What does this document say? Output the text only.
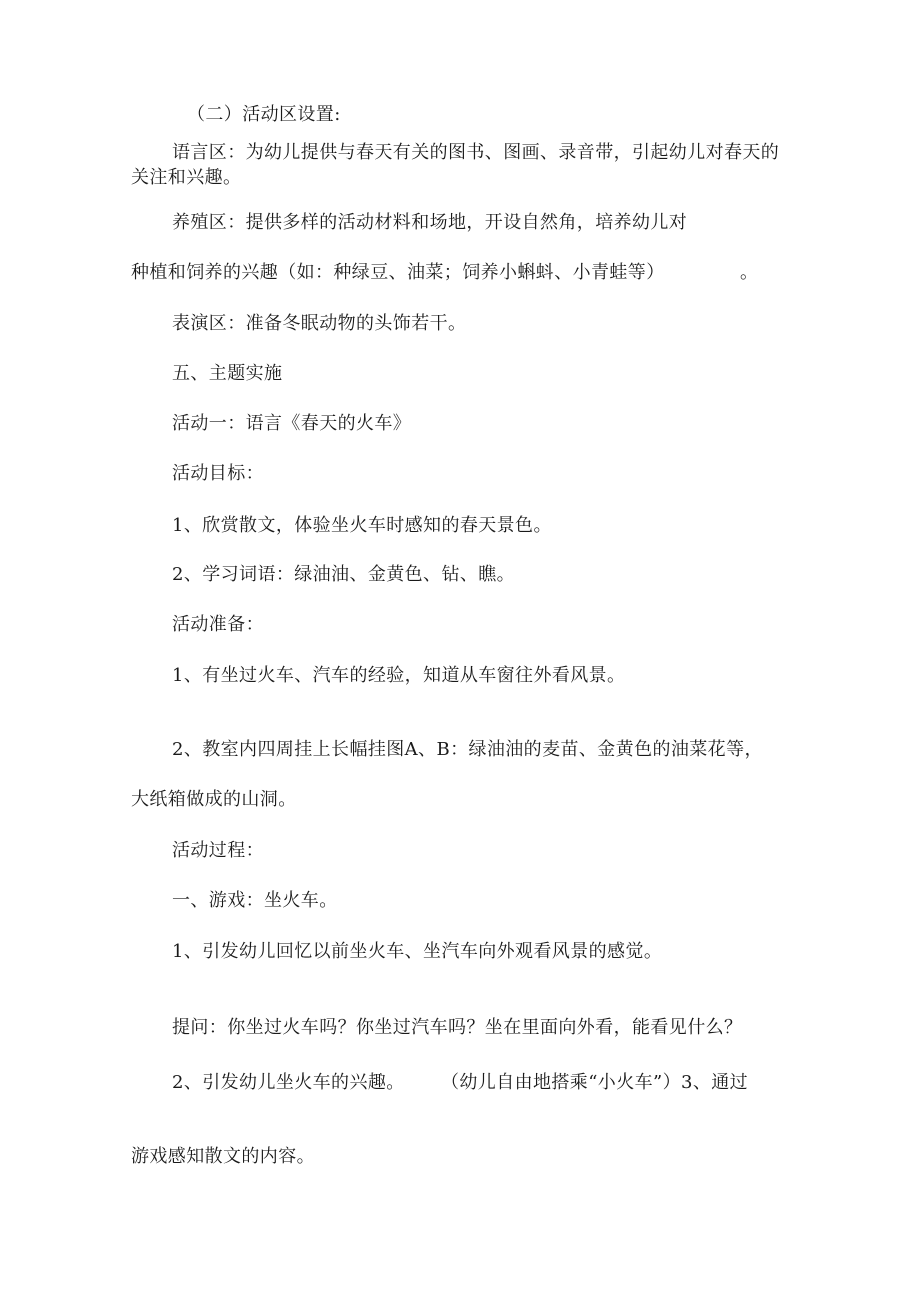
（二）活动区设置:
语言区：为幼儿提供与春天有关的图书、图画、录音带，引起幼儿对春天的
关注和兴趣。
养殖区：提供多样的活动材料和场地，开设自然角，培养幼儿对
种植和饲养的兴趣（如：种绿豆、油菜；饲养小蝌蚪、小青蛙等）	。
表演区：准备冬眠动物的头饰若干。
五、主题实施
活动一：语言《春天的火车》
活动目标：
1、欣赏散文，体验坐火车时感知的春天景色。
2、学习词语：绿油油、金黄色、钻、瞧。
活动准备：
1、有坐过火车、汽车的经验，知道从车窗往外看风景。
2、教室内四周挂上长幅挂图A、B：绿油油的麦苗、金黄色的油菜花等，
大纸箱做成的山洞。
活动过程：
一、游戏：坐火车。
1、引发幼儿回忆以前坐火车、坐汽车向外观看风景的感觉。
提问：你坐过火车吗？你坐过汽车吗？坐在里面向外看，能看见什么？
2、引发幼儿坐火车的兴趣。 （幼儿自由地搭乘“小火车”）3、通过
游戏感知散文的内容。
